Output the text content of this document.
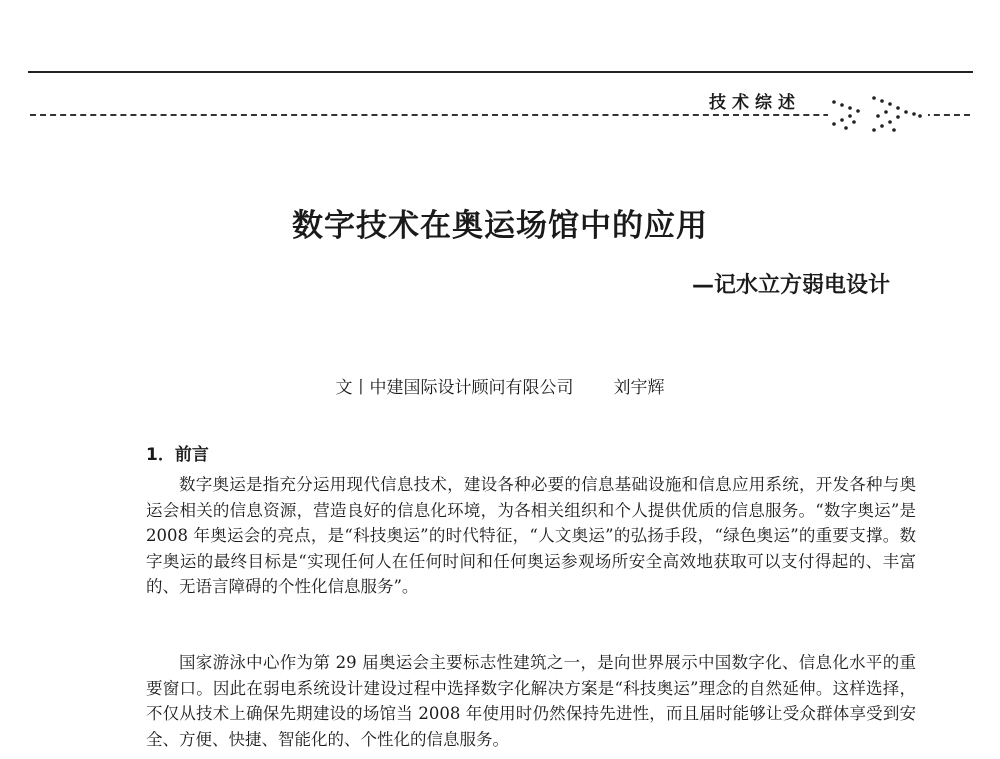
技术综述
数字技术在奥运场馆中的应用
—记水立方弱电设计
文丨中建国际设计顾问有限公司 刘宇辉
1．前言

数字奥运是指充分运用现代信息技术，建设各种必要的信息基础设施和信息应用系统，开发各种与奥运会相关的信息资源，营造良好的信息化环境，为各相关组织和个人提供优质的信息服务。“数字奥运”是 2008 年奥运会的亮点，是“科技奥运”的时代特征，“人文奥运”的弘扬手段，“绿色奥运”的重要支撑。数字奥运的最终目标是“实现任何人在任何时间和任何奥运参观场所安全高效地获取可以支付得起的、丰富的、无语言障碍的个性化信息服务”。

国家游泳中心作为第 29 届奥运会主要标志性建筑之一，是向世界展示中国数字化、信息化水平的重要窗口。因此在弱电系统设计建设过程中选择数字化解决方案是“科技奥运”理念的自然延伸。这样选择，不仅从技术上确保先期建设的场馆当 2008 年使用时仍然保持先进性，而且届时能够让受众群体享受到安全、方便、快捷、智能化的、个性化的信息服务。
